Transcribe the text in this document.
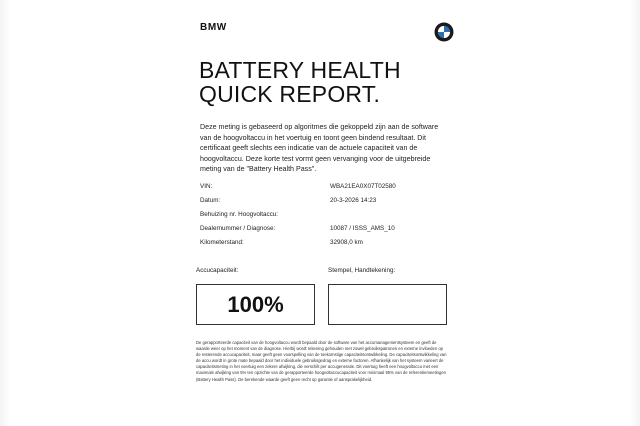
BMW
BATTERY HEALTH
QUICK REPORT.
Deze meting is gebaseerd op algoritmes die gekoppeld zijn aan de software van de hoogvoltaccu in het voertuig en toont geen bindend resultaat. Dit certificaat geeft slechts een indicatie van de actuele capaciteit van de hoogvoltaccu. Deze korte test vormt geen vervanging voor de uitgebreide meting van de "Battery Health Pass".
VIN:	WBA21EA0X07T02580
Datum:	20-3-2026 14:23
Behuizing nr. Hoogvoltaccu:
Dealernummer / Diagnose:	10087 / ISSS_AMS_10
Kilometerstand:	32908,0 km
Accucapaciteit:	Stempel, Handtekening:
100%
De gerapporteerde capaciteit van de hoogvoltaccu wordt bepaald door de software van het accumanagementsysteem en geeft de waarde weer op het moment van de diagnose. Hierbij wordt rekening gehouden met zowel gebruikspatronen en externe invloeden op de resterende accucapaciteit, maar geeft geen voorspelling van de toekomstige capaciteitsontwikkeling. De capaciteitsontwikkeling van de accu wordt in grote mate bepaald door het individuele gebruiksgedrag en externe factoren. Afhankelijk van het systeem varieert de capaciteitsmeting in het voertuig een zekere afwijking, die verschilt per accugeneratie. Dit voertuig heeft een hoogvoltaccu met een maximale afwijking van 5% ten opzichte van de gerapporteerde hoogvoltaccucapaciteit voor minimaal 95% van de referentiemeetingen (Battery Health Pass). De berekende waarde geeft geen recht op garantie of aansprakelijkheid.
